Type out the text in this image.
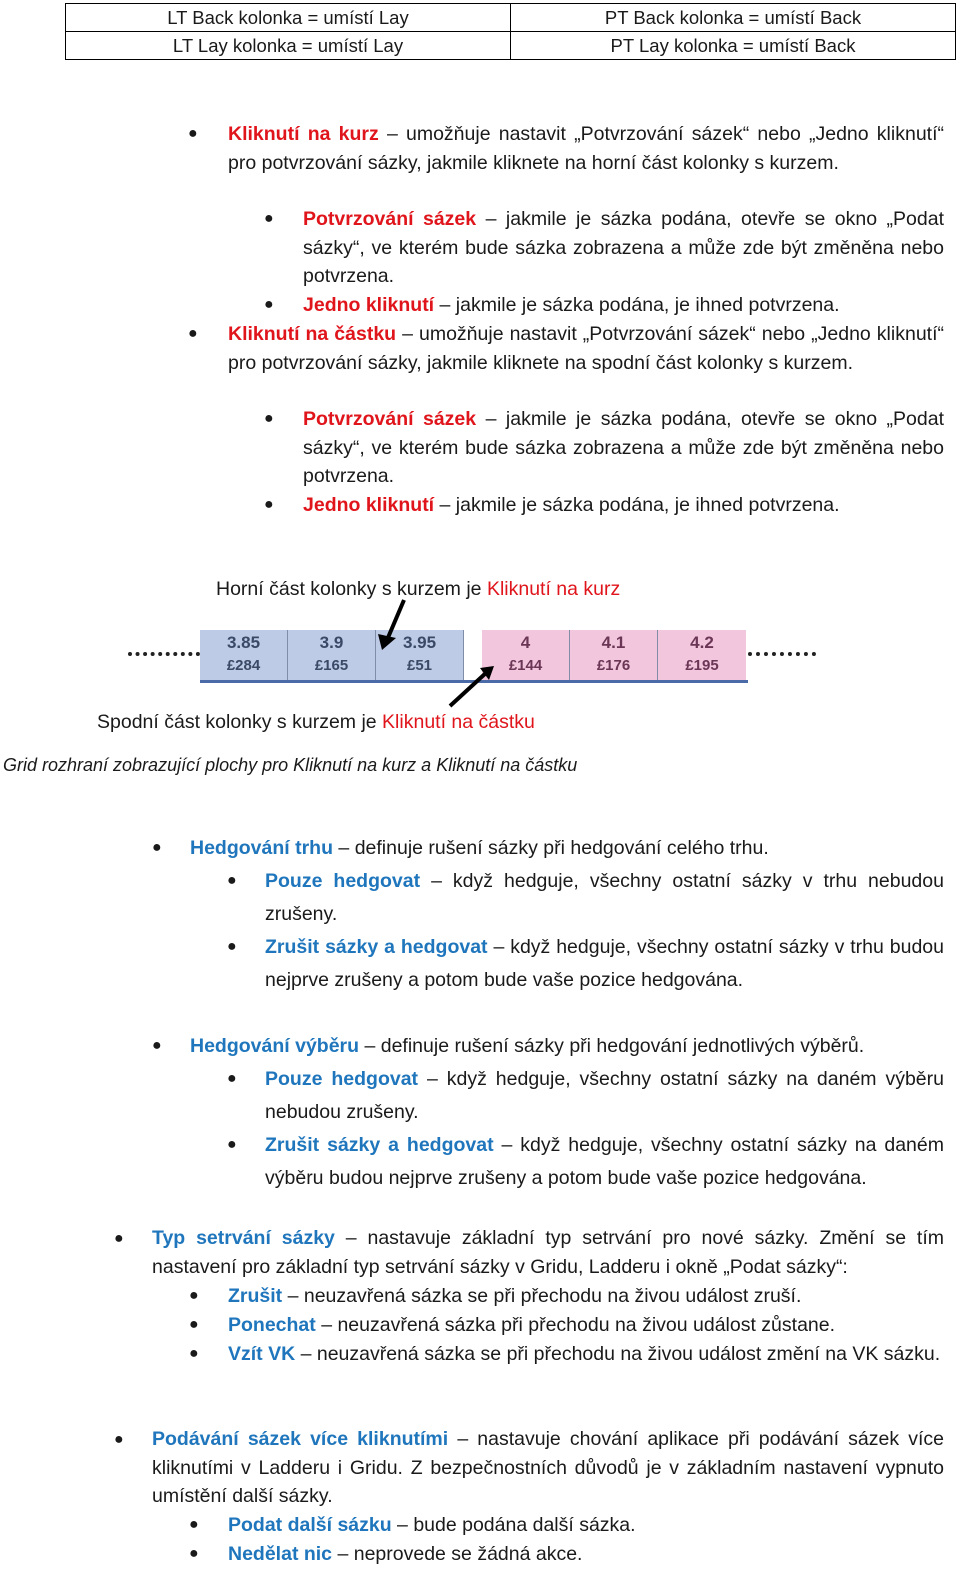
LT Back kolonka = umístí Lay	PT Back kolonka = umístí Back
LT Lay kolonka = umístí Lay	PT Lay kolonka = umístí Back
● Kliknutí na kurz – umožňuje nastavit „Potvrzování sázek“ nebo „Jedno kliknutí“ pro potvrzování sázky, jakmile kliknete na horní část kolonky s kurzem.
● Potvrzování sázek – jakmile je sázka podána, otevře se okno „Podat sázky“, ve kterém bude sázka zobrazena a může zde být změněna nebo potvrzena.
● Jedno kliknutí – jakmile je sázka podána, je ihned potvrzena.
● Kliknutí na částku – umožňuje nastavit „Potvrzování sázek“ nebo „Jedno kliknutí“ pro potvrzování sázky, jakmile kliknete na spodní část kolonky s kurzem.
● Potvrzování sázek – jakmile je sázka podána, otevře se okno „Podat sázky“, ve kterém bude sázka zobrazena a může zde být změněna nebo potvrzena.
● Jedno kliknutí – jakmile je sázka podána, je ihned potvrzena.
Horní část kolonky s kurzem je Kliknutí na kurz
3.85
£284
3.9
£165
3.95
£51
4
£144
4.1
£176
4.2
£195
Spodní část kolonky s kurzem je Kliknutí na částku
Grid rozhraní zobrazující plochy pro Kliknutí na kurz a Kliknutí na částku
● Hedgování trhu – definuje rušení sázky při hedgování celého trhu.
● Pouze hedgovat – když hedguje, všechny ostatní sázky v trhu nebudou zrušeny.
● Zrušit sázky a hedgovat – když hedguje, všechny ostatní sázky v trhu budou nejprve zrušeny a potom bude vaše pozice hedgována.
● Hedgování výběru – definuje rušení sázky při hedgování jednotlivých výběrů.
● Pouze hedgovat – když hedguje, všechny ostatní sázky na daném výběru nebudou zrušeny.
● Zrušit sázky a hedgovat – když hedguje, všechny ostatní sázky na daném výběru budou nejprve zrušeny a potom bude vaše pozice hedgována.
● Typ setrvání sázky – nastavuje základní typ setrvání pro nové sázky. Změní se tím nastavení pro základní typ setrvání sázky v Gridu, Ladderu i okně „Podat sázky“:
● Zrušit – neuzavřená sázka se při přechodu na živou událost zruší.
● Ponechat – neuzavřená sázka při přechodu na živou událost zůstane.
● Vzít VK – neuzavřená sázka se při přechodu na živou událost změní na VK sázku.
● Podávání sázek více kliknutími – nastavuje chování aplikace při podávání sázek více kliknutími v Ladderu i Gridu. Z bezpečnostních důvodů je v základním nastavení vypnuto umístění další sázky.
● Podat další sázku – bude podána další sázka.
● Nedělat nic – neprovede se žádná akce.
